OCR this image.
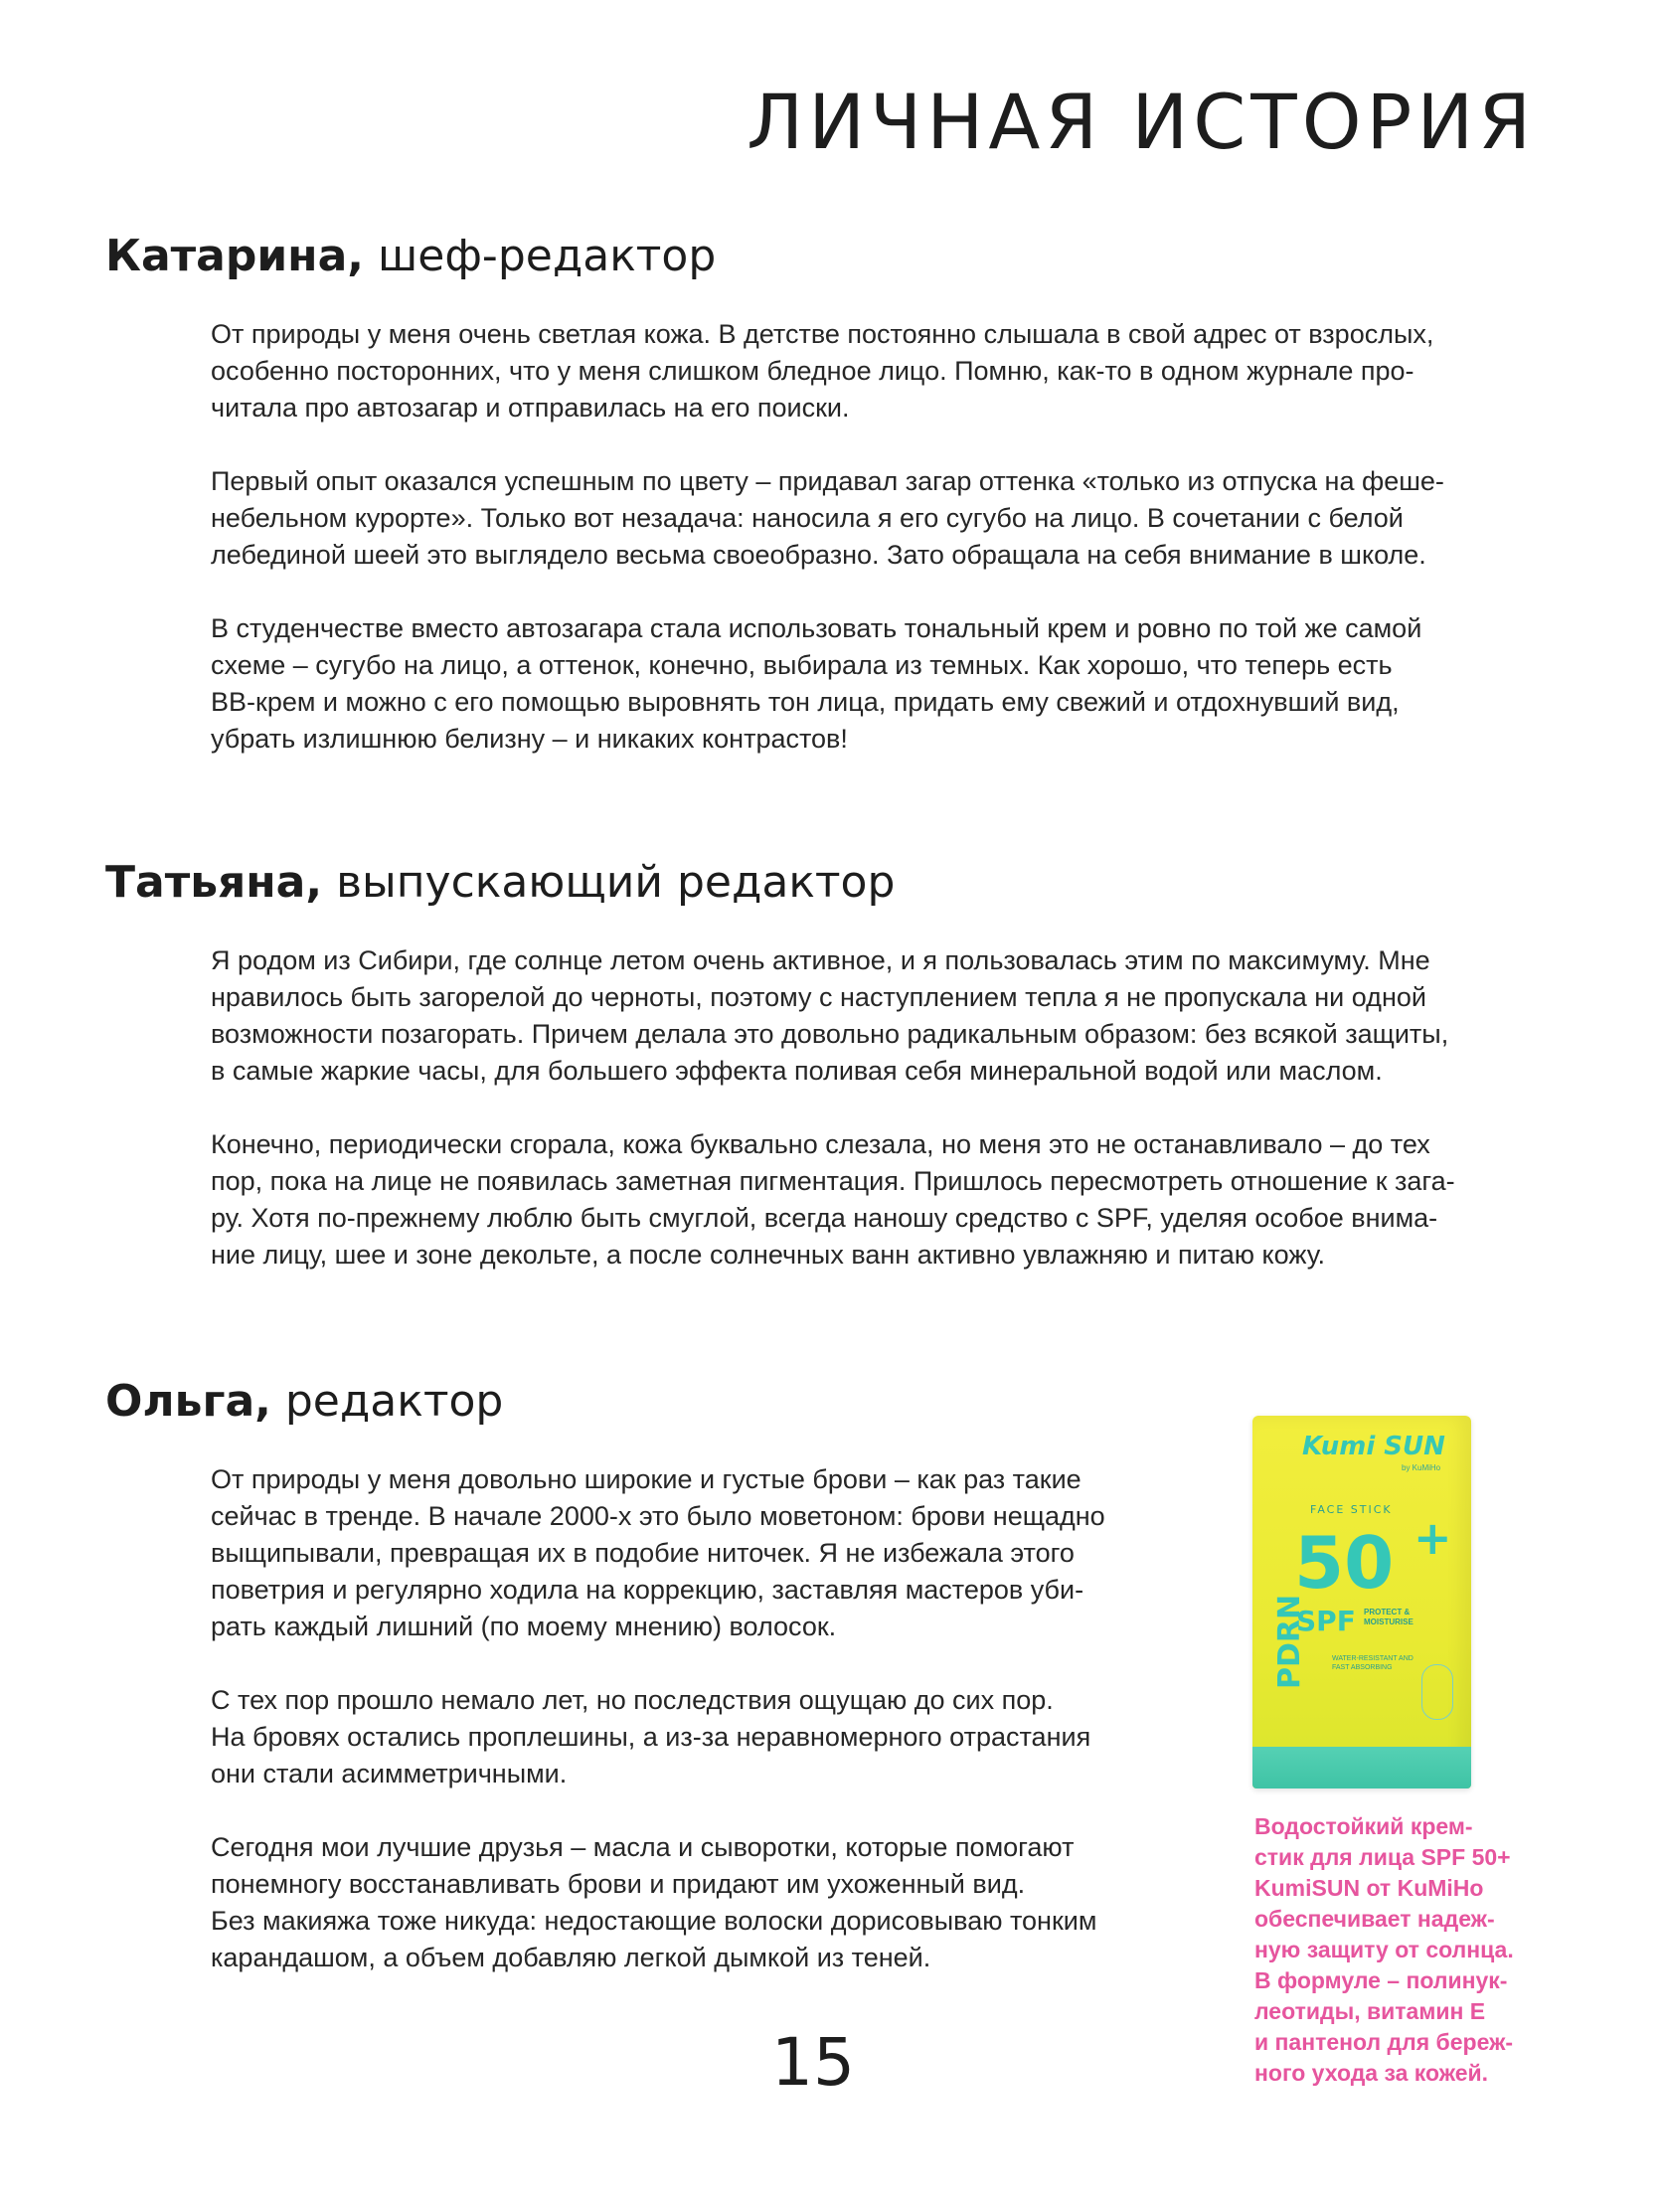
ЛИЧНАЯ ИСТОРИЯ
Катарина, шеф-редактор

От природы у меня очень светлая кожа. В детстве постоянно слышала в свой адрес от взрослых,
особенно посторонних, что у меня слишком бледное лицо. Помню, как-то в одном журнале про-
читала про автозагар и отправилась на его поиски.

Первый опыт оказался успешным по цвету – придавал загар оттенка «только из отпуска на феше-
небельном курорте». Только вот незадача: наносила я его сугубо на лицо. В сочетании с белой
лебединой шеей это выглядело весьма своеобразно. Зато обращала на себя внимание в школе.

В студенчестве вместо автозагара стала использовать тональный крем и ровно по той же самой
схеме – сугубо на лицо, а оттенок, конечно, выбирала из темных. Как хорошо, что теперь есть
BB-крем и можно с его помощью выровнять тон лица, придать ему свежий и отдохнувший вид,
убрать излишнюю белизну – и никаких контрастов!

Татьяна, выпускающий редактор

Я родом из Сибири, где солнце летом очень активное, и я пользовалась этим по максимуму. Мне
нравилось быть загорелой до черноты, поэтому с наступлением тепла я не пропускала ни одной
возможности позагорать. Причем делала это довольно радикальным образом: без всякой защиты,
в самые жаркие часы, для большего эффекта поливая себя минеральной водой или маслом.

Конечно, периодически сгорала, кожа буквально слезала, но меня это не останавливало – до тех
пор, пока на лице не появилась заметная пигментация. Пришлось пересмотреть отношение к зага-
ру. Хотя по-прежнему люблю быть смуглой, всегда наношу средство с SPF, уделяя особое внима-
ние лицу, шее и зоне декольте, а после солнечных ванн активно увлажняю и питаю кожу.

Ольга, редактор

От природы у меня довольно широкие и густые брови – как раз такие
сейчас в тренде. В начале 2000-х это было моветоном: брови нещадно
выщипывали, превращая их в подобие ниточек. Я не избежала этого
поветрия и регулярно ходила на коррекцию, заставляя мастеров уби-
рать каждый лишний (по моему мнению) волосок.

С тех пор прошло немало лет, но последствия ощущаю до сих пор.
На бровях остались проплешины, а из-за неравномерного отрастания
они стали асимметричными.

Сегодня мои лучшие друзья – масла и сыворотки, которые помогают
понемногу восстанавливать брови и придают им ухоженный вид.
Без макияжа тоже никуда: недостающие волоски дорисовываю тонким
карандашом, а объем добавляю легкой дымкой из теней.

Kumi SUN
by KuMiHo
FACE STICK
50 +
SPF PROTECT & MOISTURISE
PDRN	WATER-RESISTANT AND FAST ABSORBING
Водостойкий крем-
стик для лица SPF 50+
KumiSUN от KuMiHo
обеспечивает надеж-
ную защиту от солнца.
В формуле – полинук-
леотиды, витамин Е
и пантенол для береж-
ного ухода за кожей.
15
